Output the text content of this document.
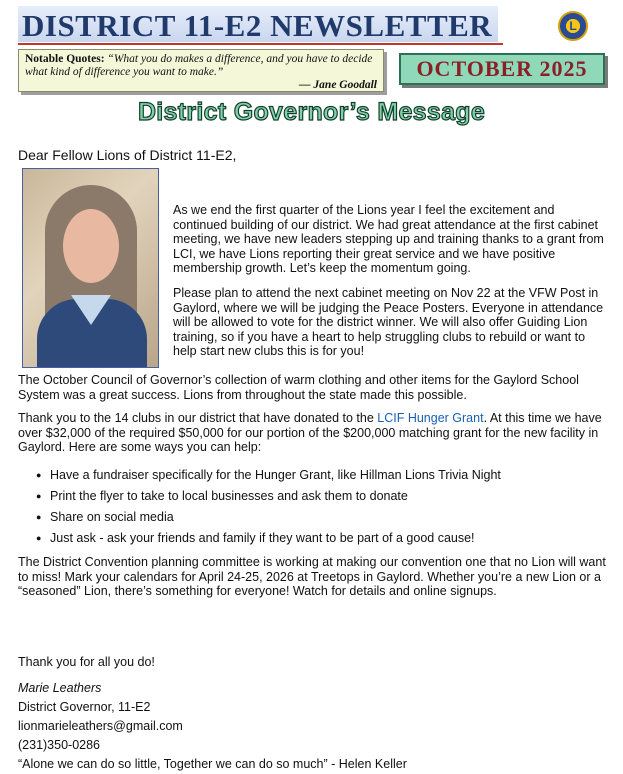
DISTRICT 11-E2 NEWSLETTER	L
Notable Quotes: “What you do makes a difference, and you have to decide what kind of difference you want to make.”
— Jane Goodall
OCTOBER 2025
District Governor’s Message
Dear Fellow Lions of District 11-E2,

As we end the first quarter of the Lions year I feel the excitement and continued building of our district. We had great attendance at the first cabinet meeting, we have new leaders stepping up and training thanks to a grant from LCI, we have Lions reporting their great service and we have positive membership growth. Let’s keep the momentum going.

Please plan to attend the next cabinet meeting on Nov 22 at the VFW Post in Gaylord, where we will be judging the Peace Posters. Everyone in attendance will be allowed to vote for the district winner. We will also offer Guiding Lion training, so if you have a heart to help struggling clubs to rebuild or want to help start new clubs this is for you!

The October Council of Governor’s collection of warm clothing and other items for the Gaylord School System was a great success. Lions from throughout the state made this possible.

Thank you to the 14 clubs in our district that have donated to the LCIF Hunger Grant. At this time we have over $32,000 of the required $50,000 for our portion of the $200,000 matching grant for the new facility in Gaylord. Here are some ways you can help:

● Have a fundraiser specifically for the Hunger Grant, like Hillman Lions Trivia Night
● Print the flyer to take to local businesses and ask them to donate
● Share on social media
● Just ask - ask your friends and family if they want to be part of a good cause!

The District Convention planning committee is working at making our convention one that no Lion will want to miss! Mark your calendars for April 24-25, 2026 at Treetops in Gaylord. Whether you’re a new Lion or a “seasoned” Lion, there’s something for everyone! Watch for details and online signups.

Thank you for all you do!
Marie Leathers
District Governor, 11-E2
lionmarieleathers@gmail.com
(231)350-0286
“Alone we can do so little, Together we can do so much” - Helen Keller
